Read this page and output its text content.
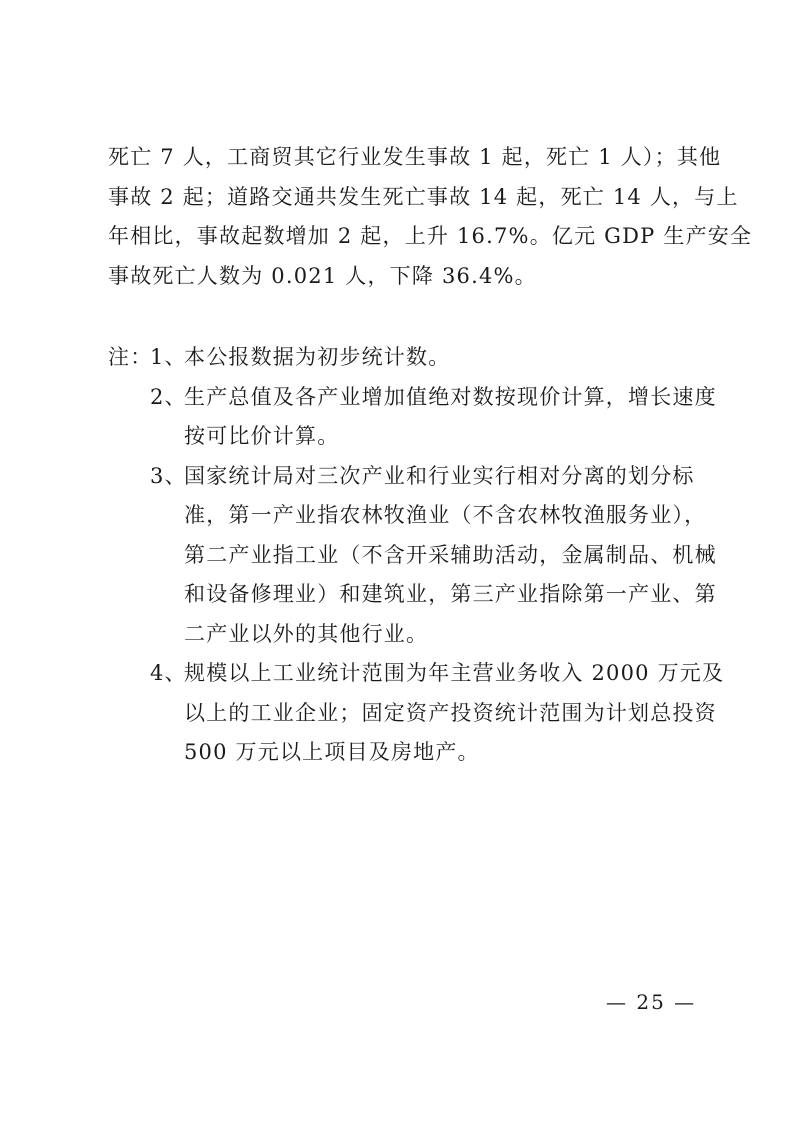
死亡 7 人，工商贸其它行业发生事故 1 起，死亡 1 人）；其他
事故 2 起；道路交通共发生死亡事故 14 起，死亡 14 人，与上
年相比，事故起数增加 2 起，上升 16.7%。亿元 GDP 生产安全
事故死亡人数为 0.021 人，下降 36.4%。
注：
1、
本公报数据为初步统计数。
2、
生产总值及各产业增加值绝对数按现价计算，增长速度
按可比价计算。
3、
国家统计局对三次产业和行业实行相对分离的划分标
准，第一产业指农林牧渔业（不含农林牧渔服务业），
第二产业指工业（不含开采辅助活动，金属制品、机械
和设备修理业）和建筑业，第三产业指除第一产业、第
二产业以外的其他行业。
4、
规模以上工业统计范围为年主营业务收入 2000 万元及
以上的工业企业；固定资产投资统计范围为计划总投资
500 万元以上项目及房地产。
— 25 —
